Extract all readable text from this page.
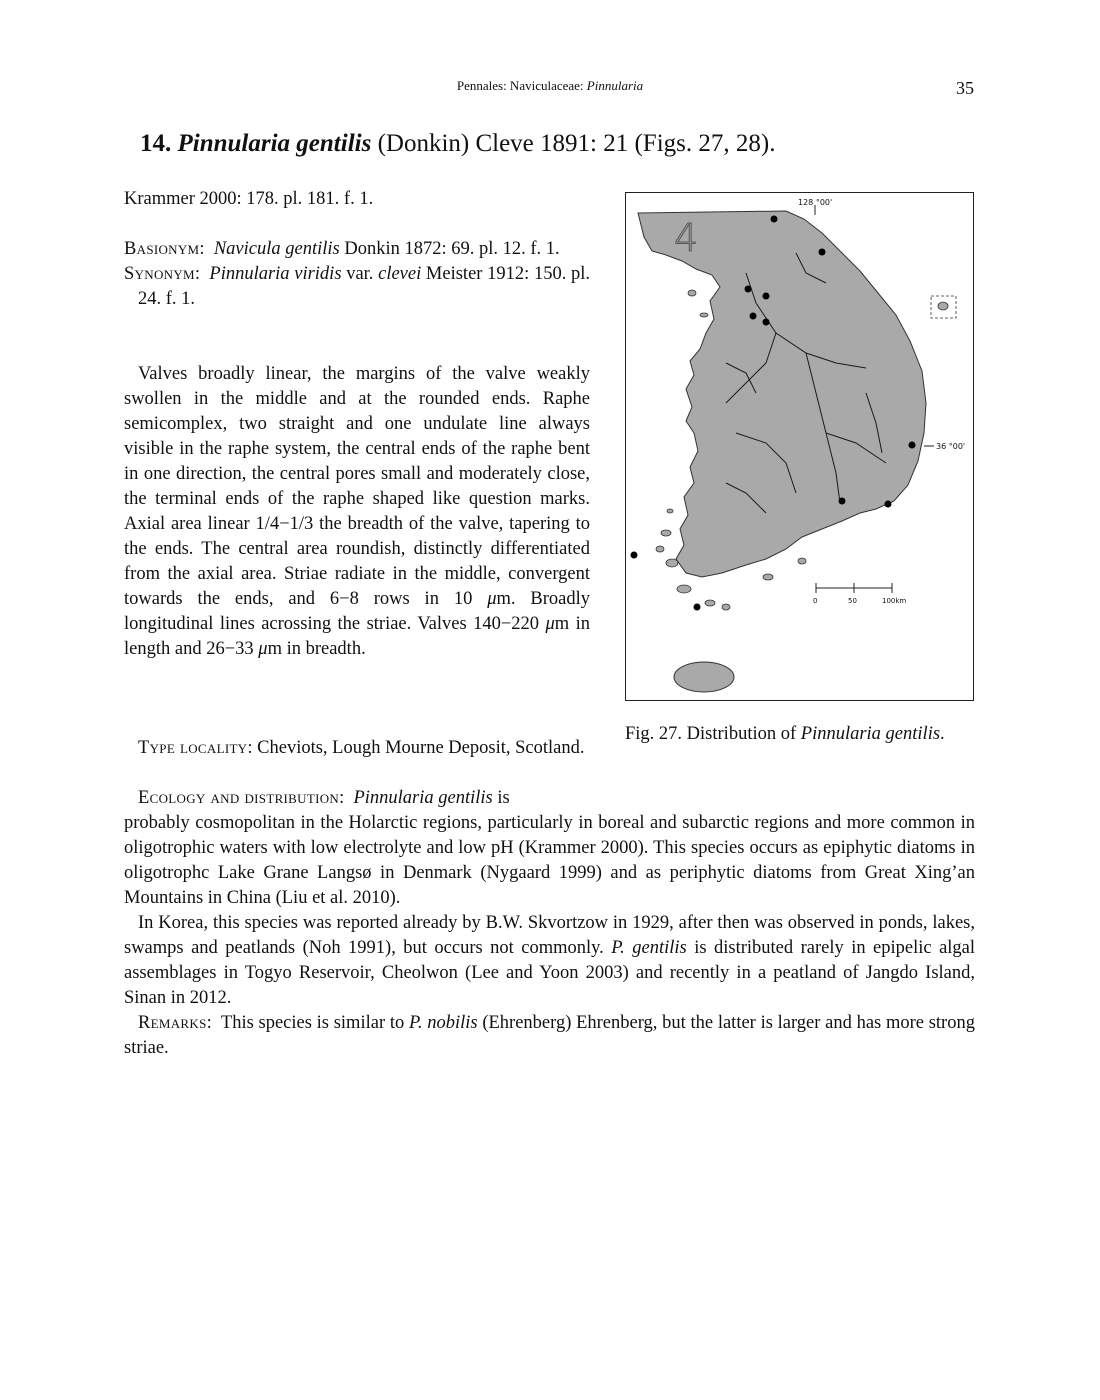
Pennales: Naviculaceae: Pinnularia	35
14. Pinnularia gentilis (Donkin) Cleve 1891: 21 (Figs. 27, 28).
Krammer 2000: 178. pl. 181. f. 1.

Basionym:  Navicula gentilis Donkin 1872: 69. pl. 12. f. 1.

Synonym:  Pinnularia viridis var. clevei Meister 1912: 150. pl. 24. f. 1.

Valves broadly linear, the margins of the valve weakly swollen in the middle and at the rounded ends. Raphe semicomplex, two straight and one undulate line always visible in the raphe system, the central ends of the raphe bent in one direction, the central pores small and moderately close, the terminal ends of the raphe shaped like question marks. Axial area linear 1/4−1/3 the breadth of the valve, tapering to the ends. The central area roundish, distinctly differentiated from the axial area. Striae radiate in the middle, convergent towards the ends, and 6−8 rows in 10 μm. Broadly longitudinal lines acrossing the striae. Valves 140−220 μm in length and 26−33 μm in breadth.
Type locality: Cheviots, Lough Mourne Deposit, Scotland.
Ecology and distribution:  Pinnularia gentilis is

probably cosmopolitan in the Holarctic regions, particularly in boreal and subarctic regions and more common in oligotrophic waters with low electrolyte and low pH (Krammer 2000). This species occurs as epiphytic diatoms in oligotrophc Lake Grane Langsø in Denmark (Nygaard 1999) and as periphytic diatoms from Great Xing’an Mountains in China (Liu et al. 2010).

In Korea, this species was reported already by B.W. Skvortzow in 1929, after then was observed in ponds, lakes, swamps and peatlands (Noh 1991), but occurs not commonly. P. gentilis is distributed rarely in epipelic algal assemblages in Togyo Reservoir, Cheolwon (Lee and Yoon 2003) and recently in a peatland of Jangdo Island, Sinan in 2012.

Remarks:  This species is similar to P. nobilis (Ehrenberg) Ehrenberg, but the latter is larger and has more strong striae.

128 °00'
36 °00'
4
0	50	100km
Fig. 27. Distribution of Pinnularia gentilis.
